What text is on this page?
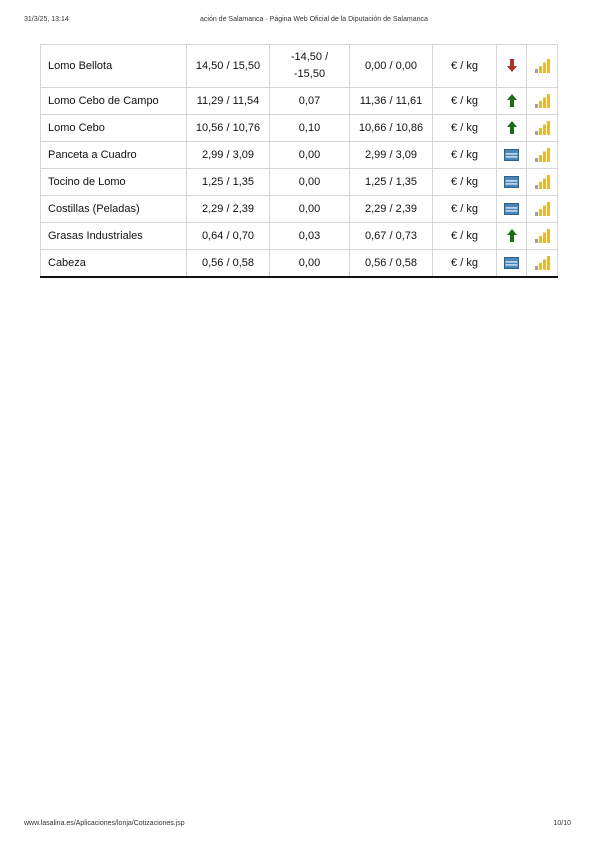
31/3/25, 13:14	ación de Salamanca · Página Web Oficial de la Diputación de Salamanca
Lomo Bellota	14,50 / 15,50	-14,50 /
-15,50	0,00 / 0,00	€ / kg		
Lomo Cebo de Campo	11,29 / 11,54	0,07	11,36 / 11,61	€ / kg		
Lomo Cebo	10,56 / 10,76	0,10	10,66 / 10,86	€ / kg		
Panceta a Cuadro	2,99 / 3,09	0,00	2,99 / 3,09	€ / kg		
Tocino de Lomo	1,25 / 1,35	0,00	1,25 / 1,35	€ / kg		
Costillas (Peladas)	2,29 / 2,39	0,00	2,29 / 2,39	€ / kg		
Grasas Industriales	0,64 / 0,70	0,03	0,67 / 0,73	€ / kg		
Cabeza	0,56 / 0,58	0,00	0,56 / 0,58	€ / kg		
www.lasalina.es/Aplicaciones/lonja/Cotizaciones.jsp	10/10
